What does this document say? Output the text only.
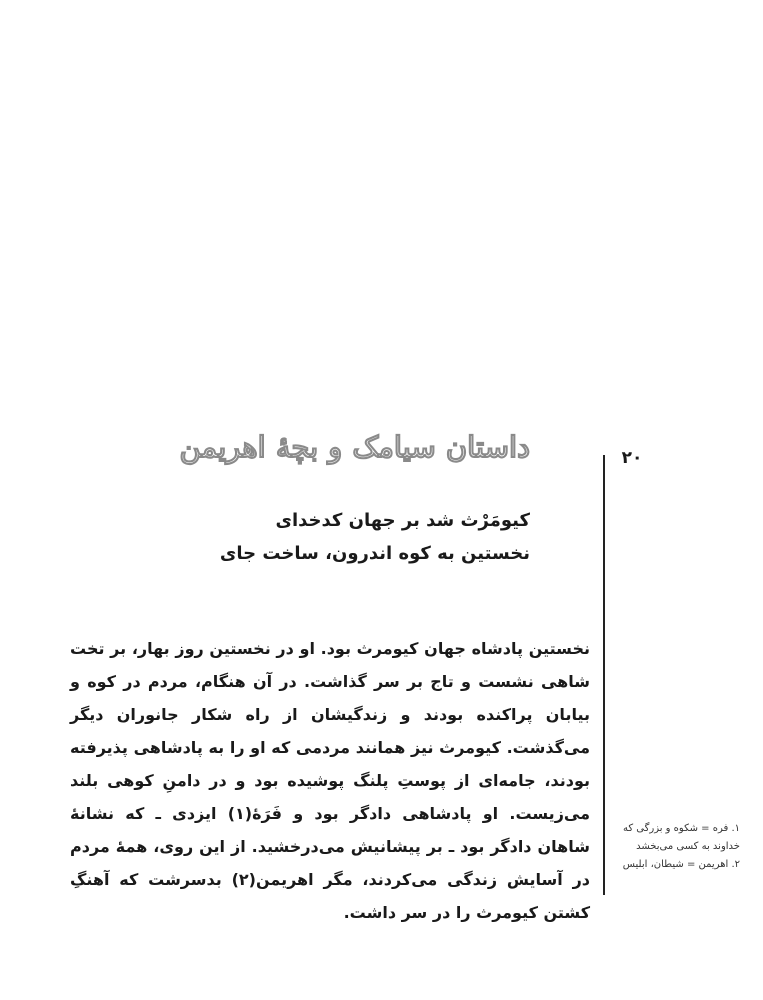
۲۰
داستان سیامک و بچهٔ اهریمن
کیومَرْث شد بر جهان کدخدای
نخستین به کوه اندرون، ساخت جای
نخستین پادشاه جهان کیومرث بود. او در نخستین روز بهار، بر تخت شاهی نشست و تاج بر سر گذاشت. در آن هنگام، مردم در کوه و بیابان پراکنده بودند و زندگیشان از راه شکار جانوران دیگر می‌گذشت. کیومرث نیز همانند مردمی که او را به پادشاهی پذیرفته بودند، جامه‌ای از پوستِ پلنگ پوشیده بود و در دامنِ کوهی بلند می‌زیست. او پادشاهی دادگر بود و فَرَهٔ(۱) ایزدی ـ که نشانهٔ شاهان دادگر بود ـ بر پیشانیش می‌درخشید. از این روی، همهٔ مردم در آسایش زندگی می‌کردند، مگر اهریمن(۲) بدسرشت که آهنگِ کشتن کیومرث را در سر داشت.
۱. فره = شکوه و بزرگی که خداوند به کسی می‌بخشد
۲. اهریمن = شیطان، ابلیس
